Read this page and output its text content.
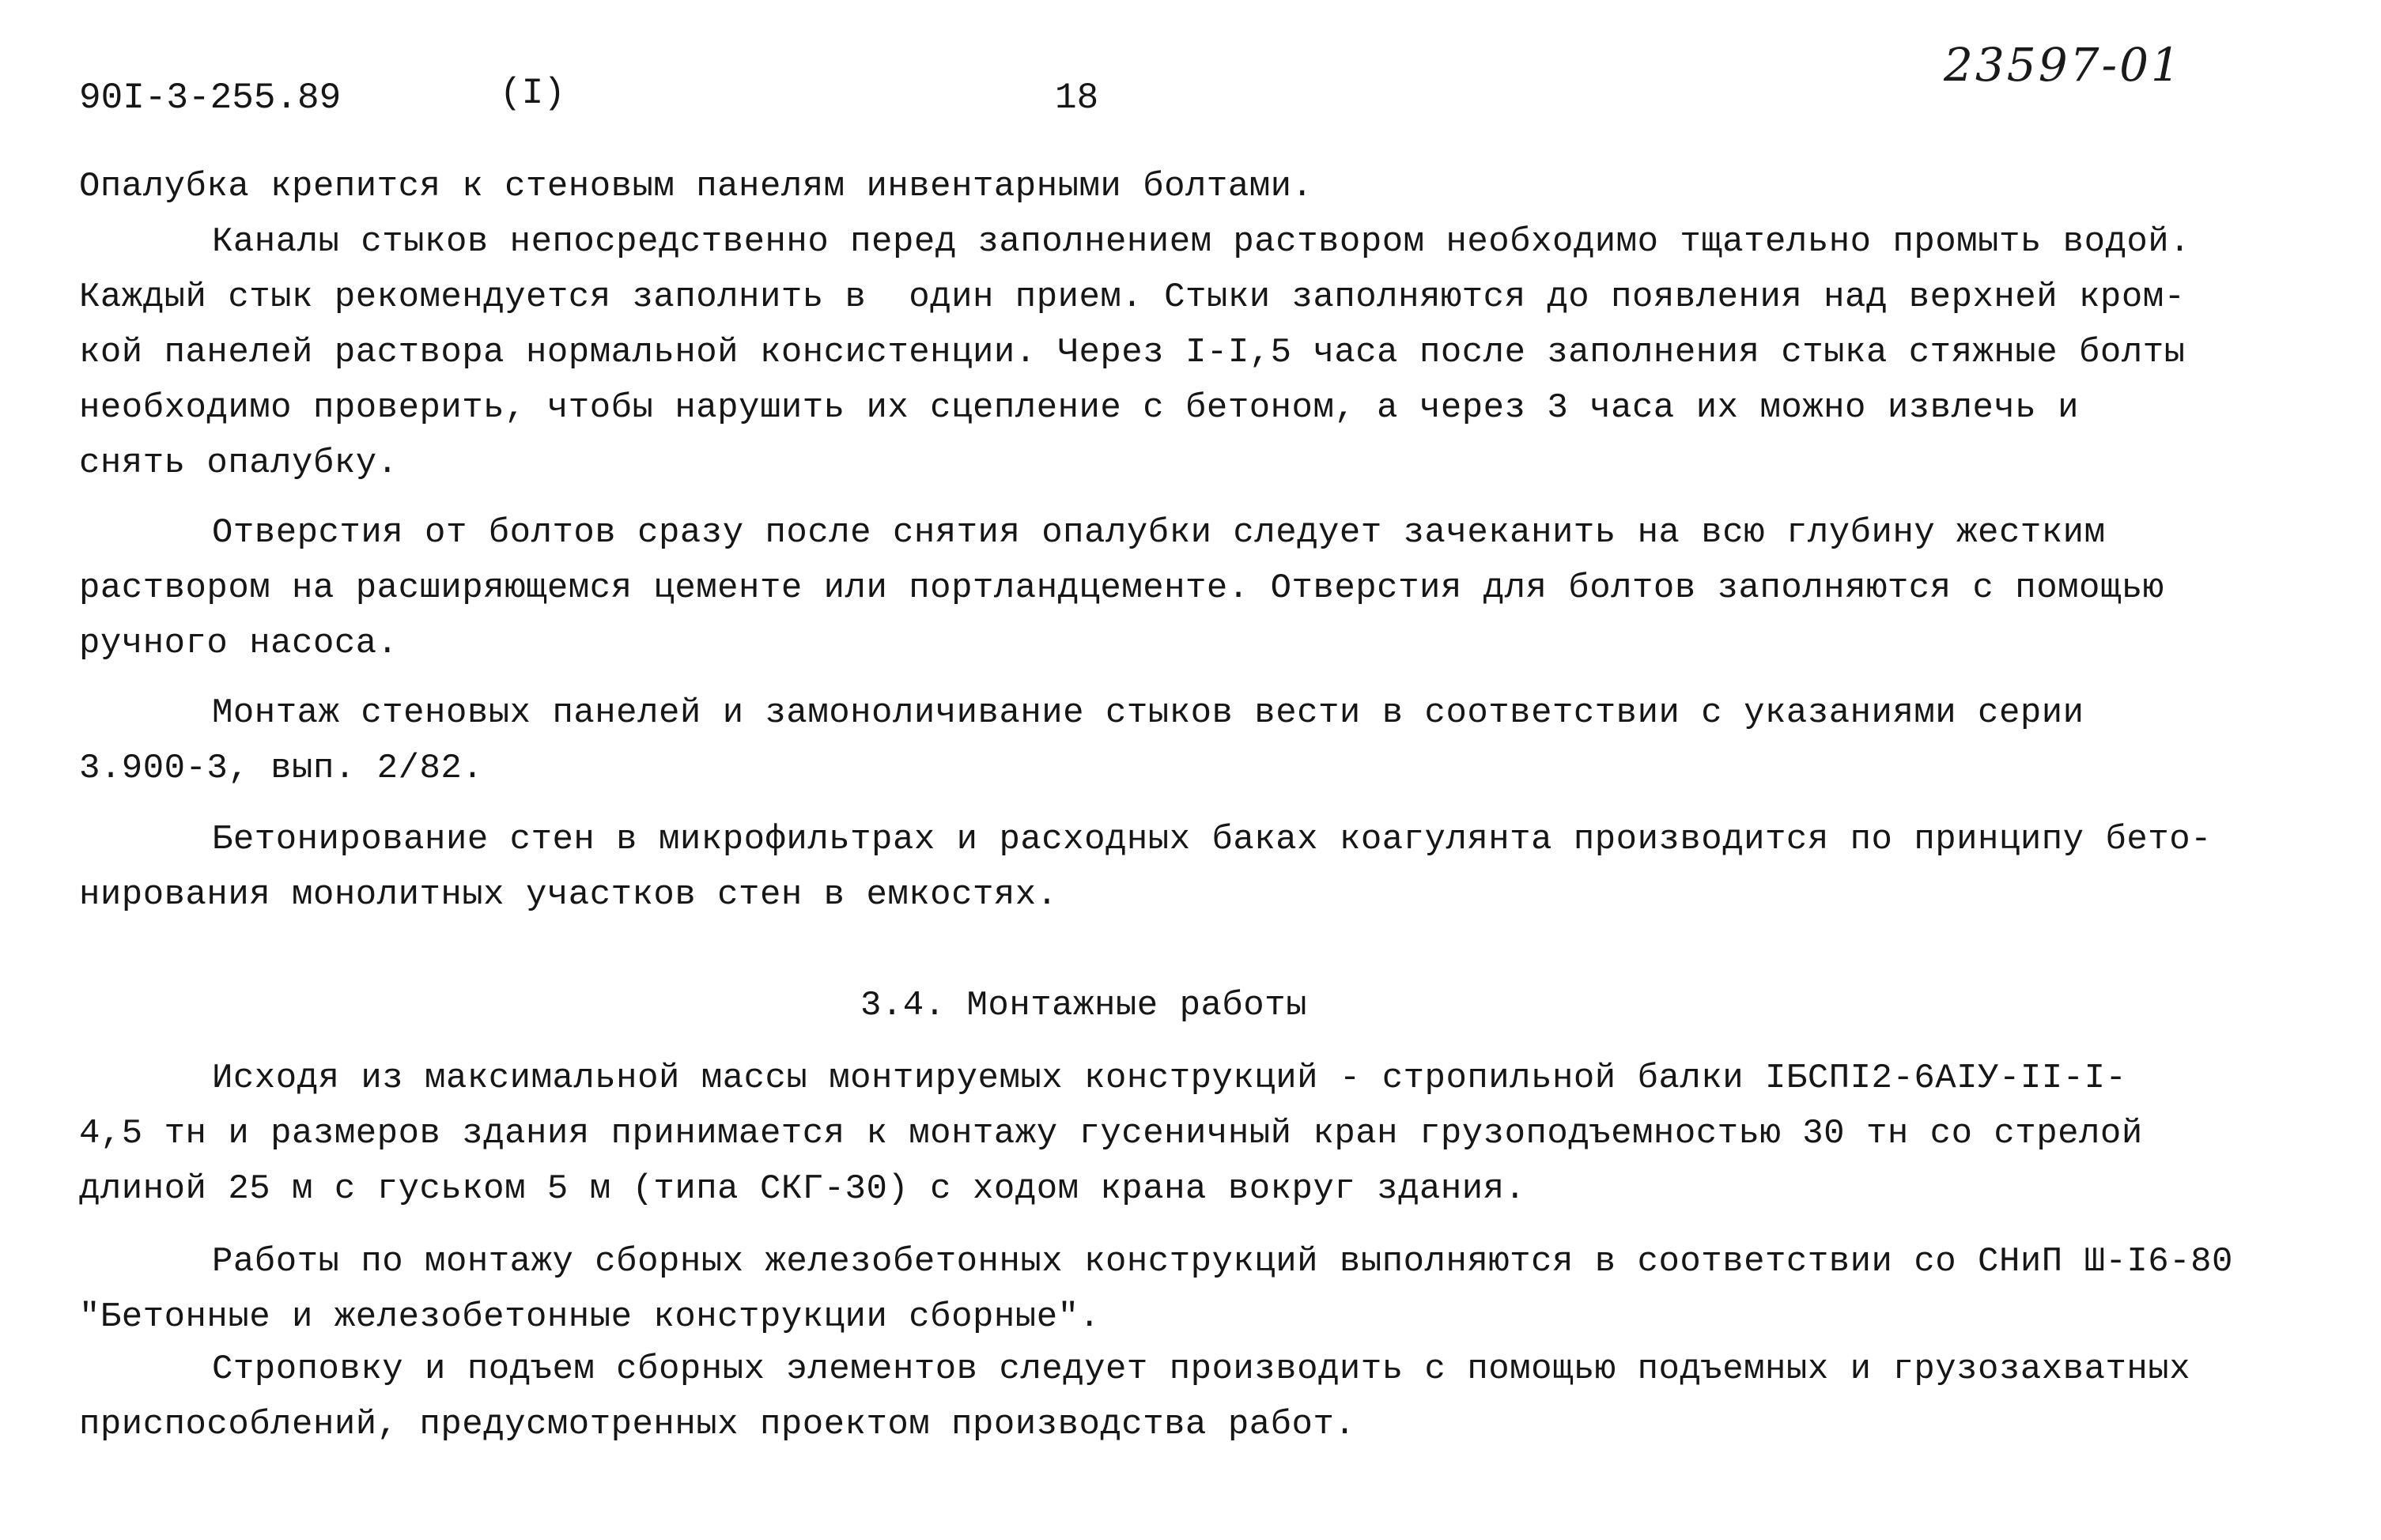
90I-3-255.89	(I)	18
23597-01
Опалубка крепится к стеновым панелям инвентарными болтами.
Каналы стыков непосредственно перед заполнением раствором необходимо тщательно промыть водой.
Каждый стык рекомендуется заполнить в  один прием. Стыки заполняются до появления над верхней кром-
кой панелей раствора нормальной консистенции. Через I-I,5 часа после заполнения стыка стяжные болты
необходимо проверить, чтобы нарушить их сцепление с бетоном, а через 3 часа их можно извлечь и
снять опалубку.
Отверстия от болтов сразу после снятия опалубки следует зачеканить на всю глубину жестким
раствором на расширяющемся цементе или портландцементе. Отверстия для болтов заполняются с помощью
ручного насоса.
Монтаж стеновых панелей и замоноличивание стыков вести в соответствии с указаниями серии
3.900-3, вып. 2/82.
Бетонирование стен в микрофильтрах и расходных баках коагулянта производится по принципу бето-
нирования монолитных участков стен в емкостях.
3.4. Монтажные работы
Исходя из максимальной массы монтируемых конструкций - стропильной балки IБСПI2-6АIУ-II-I-
4,5 тн и размеров здания принимается к монтажу гусеничный кран грузоподъемностью 30 тн со стрелой
длиной 25 м с гуськом 5 м (типа СКГ-30) с ходом крана вокруг здания.
Работы по монтажу сборных железобетонных конструкций выполняются в соответствии со СНиП Ш-I6-80
"Бетонные и железобетонные конструкции сборные".
Строповку и подъем сборных элементов следует производить с помощью подъемных и грузозахватных
приспособлений, предусмотренных проектом производства работ.
